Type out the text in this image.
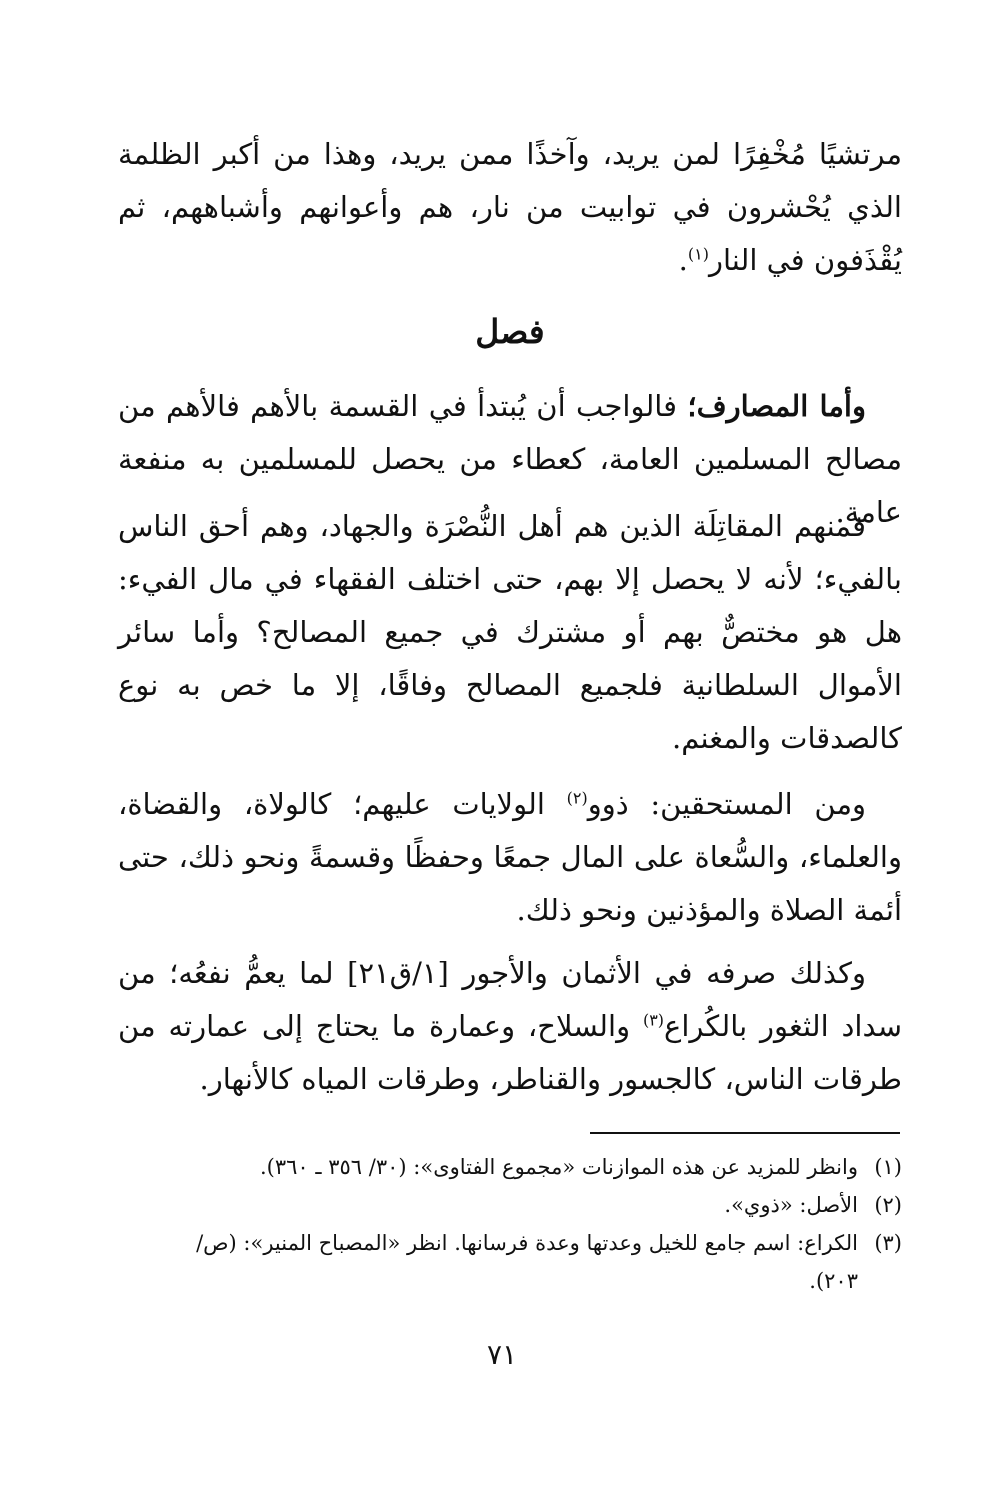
مرتشيًا مُخْفِرًا لمن يريد، وآخذًا ممن يريد، وهذا من أكبر الظلمة الذي يُحْشرون في توابيت من نار، هم وأعوانهم وأشباههم، ثم يُقْذَفون في النار$^{(١)}$.

فصل

وأما المصارف؛ فالواجب أن يُبتدأ في القسمة بالأهم فالأهم من مصالح المسلمين العامة، كعطاء من يحصل للمسلمين به منفعة عامة.

فمنهم المقاتِلَة الذين هم أهل النُّصْرَة والجهاد، وهم أحق الناس بالفيء؛ لأنه لا يحصل إلا بهم، حتى اختلف الفقهاء في مال الفيء: هل هو مختصٌّ بهم أو مشترك في جميع المصالح؟ وأما سائر الأموال السلطانية فلجميع المصالح وفاقًا، إلا ما خص به نوع كالصدقات والمغنم.

ومن المستحقين: ذوو$^{(٢)}$ الولايات عليهم؛ كالولاة، والقضاة، والعلماء، والسُّعاة على المال جمعًا وحفظًا وقسمةً ونحو ذلك، حتى أئمة الصلاة والمؤذنين ونحو ذلك.

وكذلك صرفه في الأثمان والأجور [١/ق٢١] لما يعمُّ نفعُه؛ من سداد الثغور بالكُراع$^{(٣)}$ والسلاح، وعمارة ما يحتاج إلى عمارته من طرقات الناس، كالجسور والقناطر، وطرقات المياه كالأنهار.

(١)
وانظر للمزيد عن هذه الموازنات «مجموع الفتاوى»: (٣٠/ ٣٥٦ ـ ٣٦٠).
(٢)
الأصل: «ذوي».
(٣)
الكراع: اسم جامع للخيل وعدتها وعدة فرسانها. انظر «المصباح المنير»: (ص/ ٢٠٣).
٧١
